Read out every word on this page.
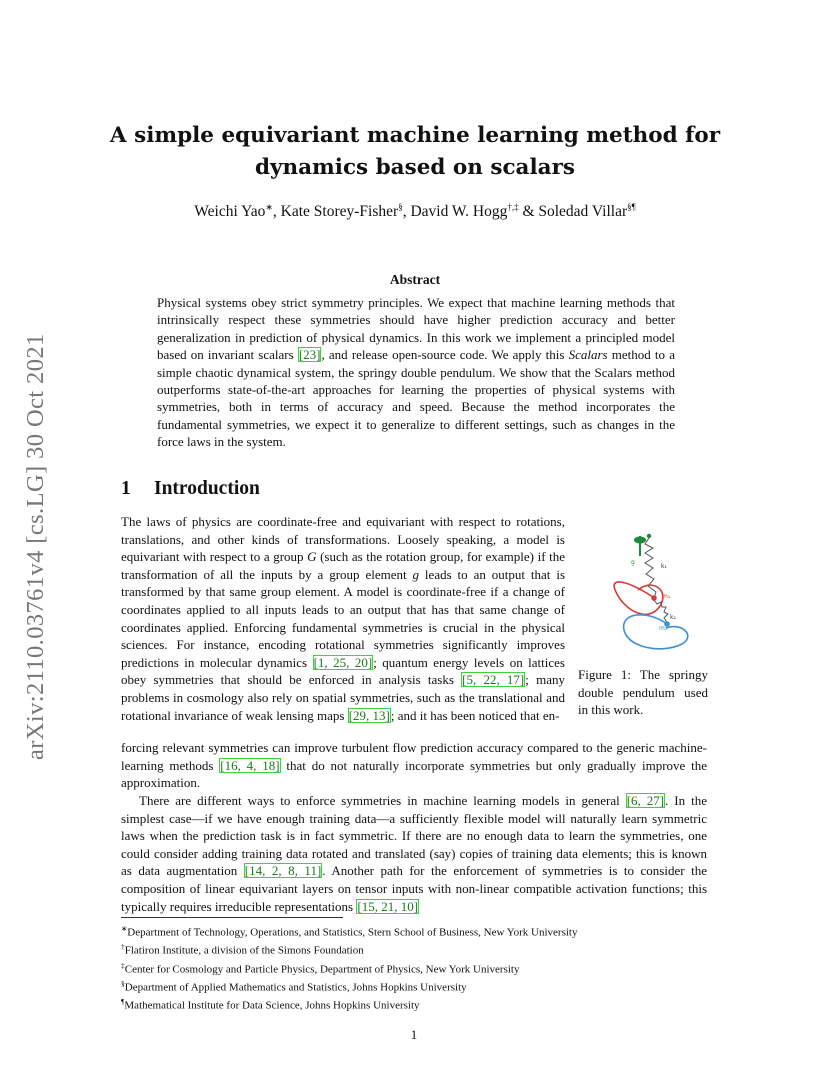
arXiv:2110.03761v4 [cs.LG] 30 Oct 2021
A simple equivariant machine learning method for dynamics based on scalars
Weichi Yao∗, Kate Storey-Fisher§, David W. Hogg†,‡ & Soledad Villar§¶
Abstract
Physical systems obey strict symmetry principles. We expect that machine learning methods that intrinsically respect these symmetries should have higher prediction accuracy and better generalization in prediction of physical dynamics. In this work we implement a principled model based on invariant scalars [23], and release open-source code. We apply this Scalars method to a simple chaotic dynamical system, the springy double pendulum. We show that the Scalars method outperforms state-of-the-art approaches for learning the properties of physical systems with symmetries, both in terms of accuracy and speed. Because the method incorporates the fundamental symmetries, we expect it to generalize to different settings, such as changes in the force laws in the system.
1 Introduction
The laws of physics are coordinate-free and equivariant with respect to rotations, translations, and other kinds of transformations. Loosely speaking, a model is equivariant with respect to a group G (such as the rotation group, for example) if the transformation of all the inputs by a group element g leads to an output that is transformed by that same group element. A model is coordinate-free if a change of coordinates applied to all inputs leads to an output that has that same change of coordinates applied. Enforcing fundamental symmetries is crucial in the physical sciences. For instance, encoding rotational symmetries significantly improves predictions in molecular dynamics [1, 25, 20]; quantum energy levels on lattices obey symmetries that should be enforced in analysis tasks [5, 22, 17]; many problems in cosmology also rely on spatial symmetries, such as the translational and rotational invariance of weak lensing maps [29, 13]; and it has been noticed that en-
forcing relevant symmetries can improve turbulent flow prediction accuracy compared to the generic machine-learning methods [16, 4, 18] that do not naturally incorporate symmetries but only gradually improve the approximation.
There are different ways to enforce symmetries in machine learning models in general [6, 27]. In the simplest case—if we have enough training data—a sufficiently flexible model will naturally learn symmetric laws when the prediction task is in fact symmetric. If there are no enough data to learn the symmetries, one could consider adding training data rotated and translated (say) copies of training data elements; this is known as data augmentation [14, 2, 8, 11]. Another path for the enforcement of symmetries is to consider the composition of linear equivariant layers on tensor inputs with non-linear compatible activation functions; this typically requires irreducible representations [15, 21, 10]
g
k₁
m₁
k₂
m₂
Figure 1: The springy double pendulum used in this work.
∗Department of Technology, Operations, and Statistics, Stern School of Business, New York University
†Flatiron Institute, a division of the Simons Foundation
‡Center for Cosmology and Particle Physics, Department of Physics, New York University
§Department of Applied Mathematics and Statistics, Johns Hopkins University
¶Mathematical Institute for Data Science, Johns Hopkins University
1
